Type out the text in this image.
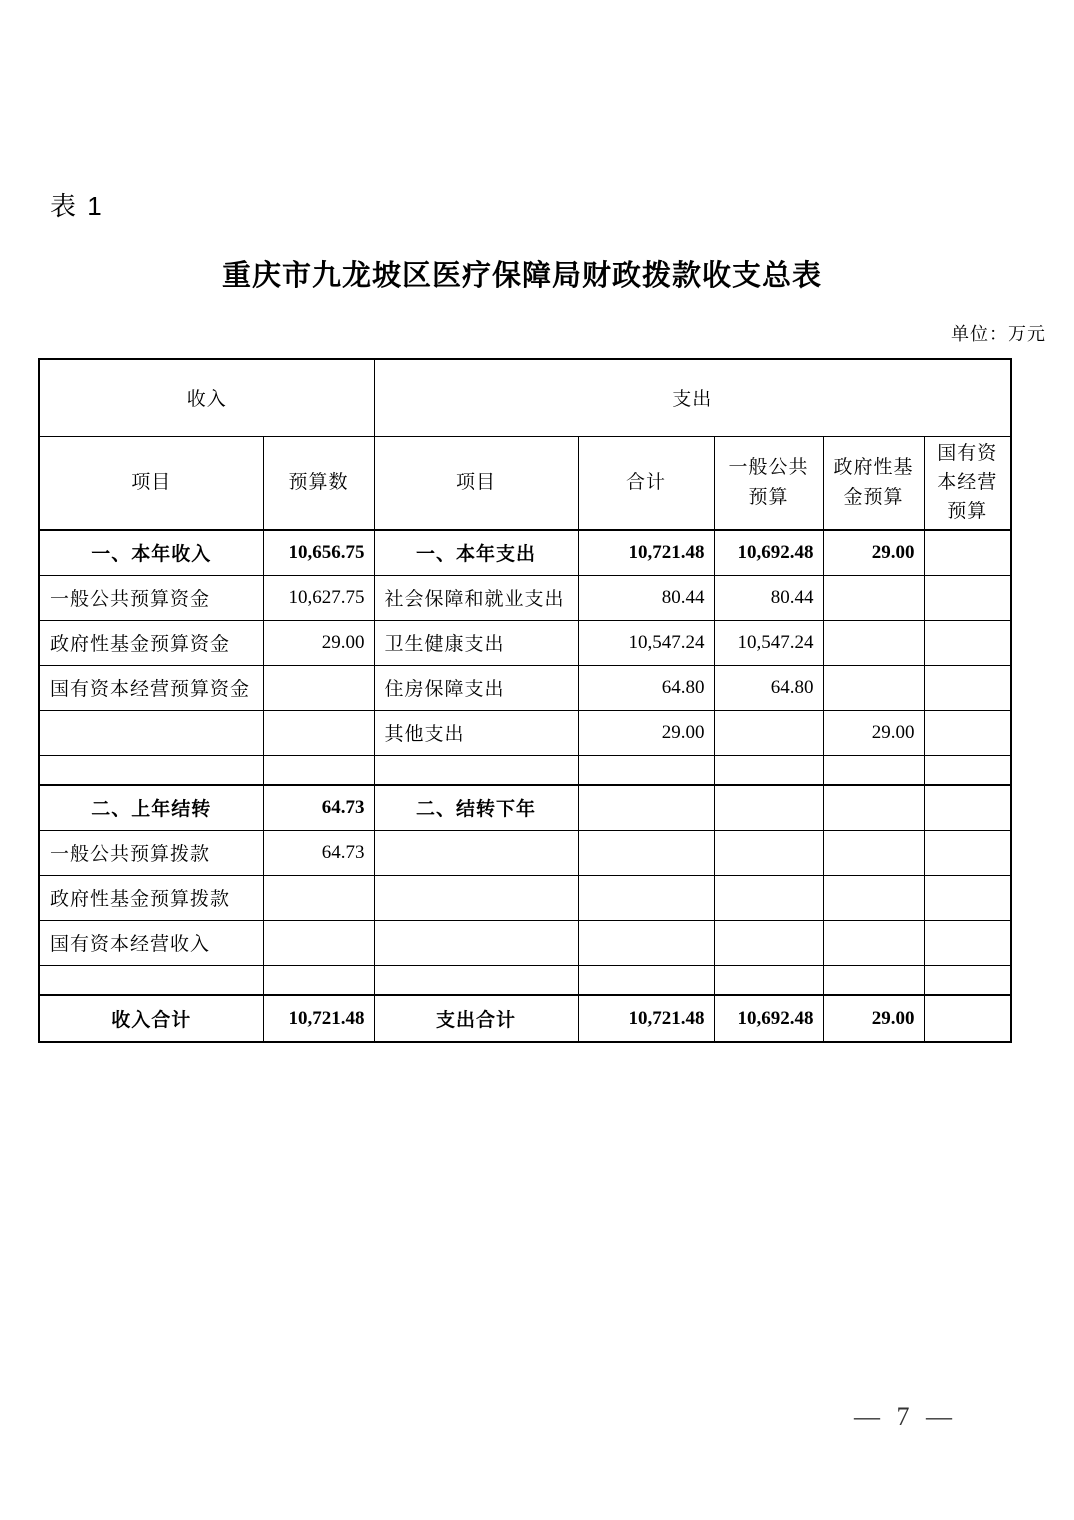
表 1
重庆市九龙坡区医疗保障局财政拨款收支总表
单位：万元
收入		支出				
项目	预算数	项目	合计	一般公共预算	政府性基金预算	国有资本经营预算
一、本年收入	10,656.75	一、本年支出	10,721.48	10,692.48	29.00	
一般公共预算资金	10,627.75	社会保障和就业支出	80.44	80.44		
政府性基金预算资金	29.00	卫生健康支出	10,547.24	10,547.24		
国有资本经营预算资金		住房保障支出	64.80	64.80		
		其他支出	29.00		29.00	

二、上年结转	64.73	二、结转下年				
一般公共预算拨款	64.73					
政府性基金预算拨款						
国有资本经营收入						

收入合计	10,721.48	支出合计	10,721.48	10,692.48	29.00	
— 7 —
